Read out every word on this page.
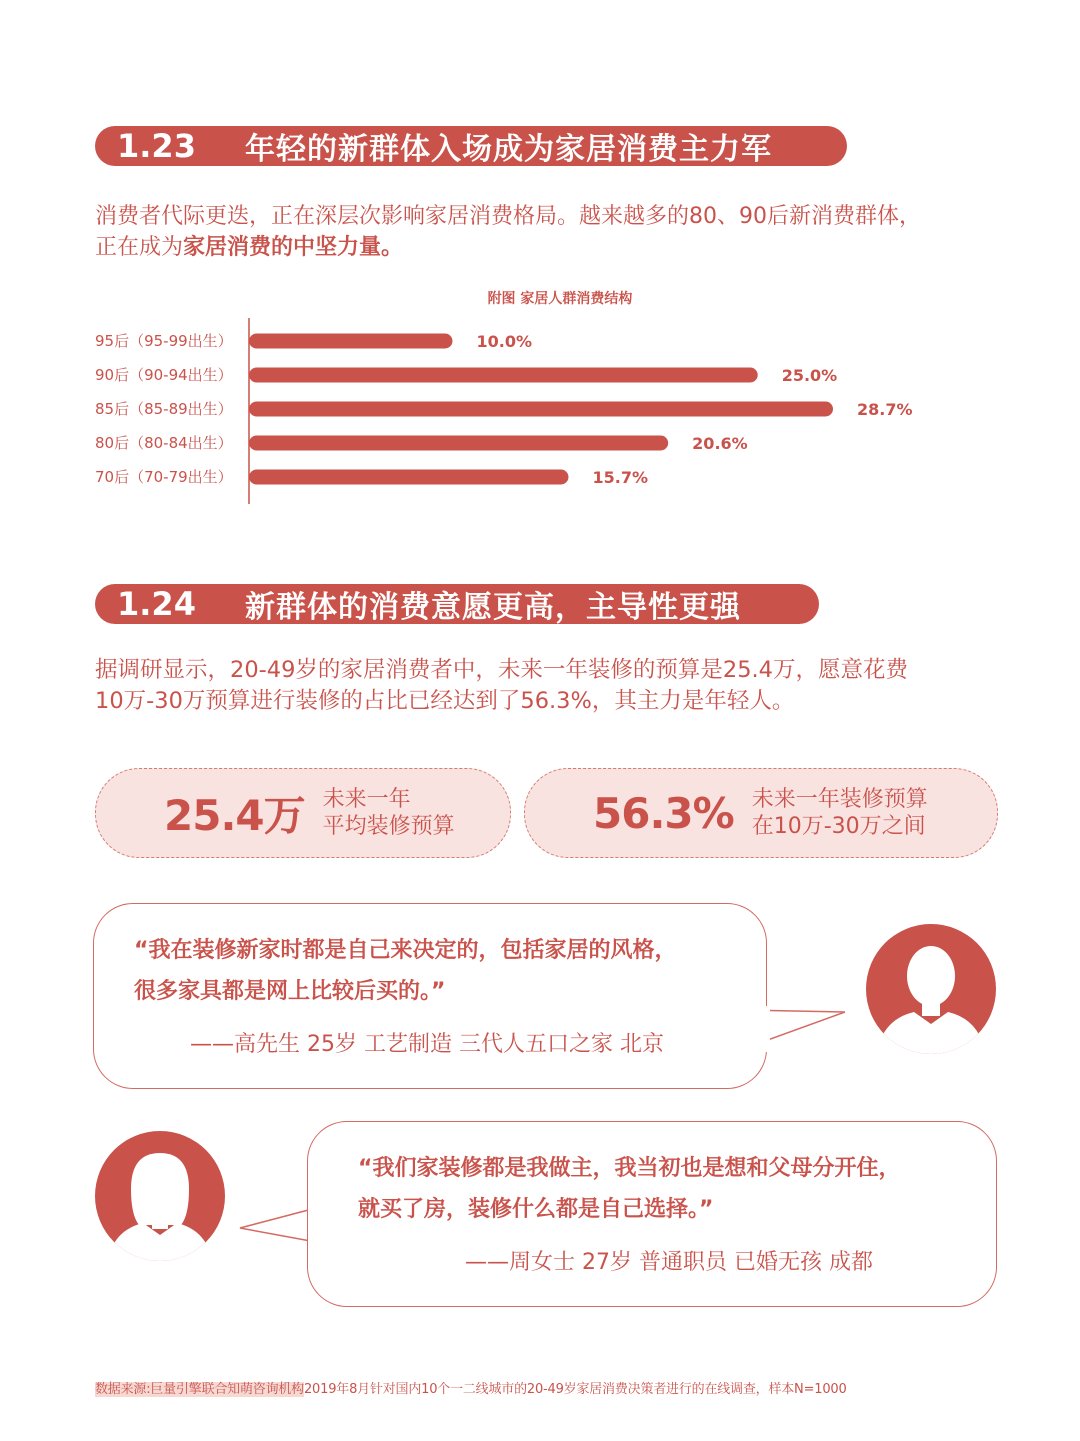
1.23	年轻的新群体入场成为家居消费主力军
消费者代际更迭，正在深层次影响家居消费格局。越来越多的80、90后新消费群体，
正在成为家居消费的中坚力量。
附图 家居人群消费结构
95后（95-99出生）	10.0%
90后（90-94出生）	25.0%
85后（85-89出生）	28.7%
80后（80-84出生）	20.6%
70后（70-79出生）	15.7%
1.24	新群体的消费意愿更高，主导性更强
据调研显示，20-49岁的家居消费者中，未来一年装修的预算是25.4万，愿意花费
10万-30万预算进行装修的占比已经达到了56.3%，其主力是年轻人。
25.4万 未来一年
平均装修预算	56.3% 未来一年装修预算
在10万-30万之间
“我在装修新家时都是自己来决定的，包括家居的风格，
很多家具都是网上比较后买的。”
——高先生 25岁 工艺制造 三代人五口之家 北京
“我们家装修都是我做主，我当初也是想和父母分开住，
就买了房，装修什么都是自己选择。”
——周女士 27岁 普通职员 已婚无孩 成都
数据来源:巨量引擎联合知萌咨询机构2019年8月针对国内10个一二线城市的20-49岁家居消费决策者进行的在线调查，样本N=1000
